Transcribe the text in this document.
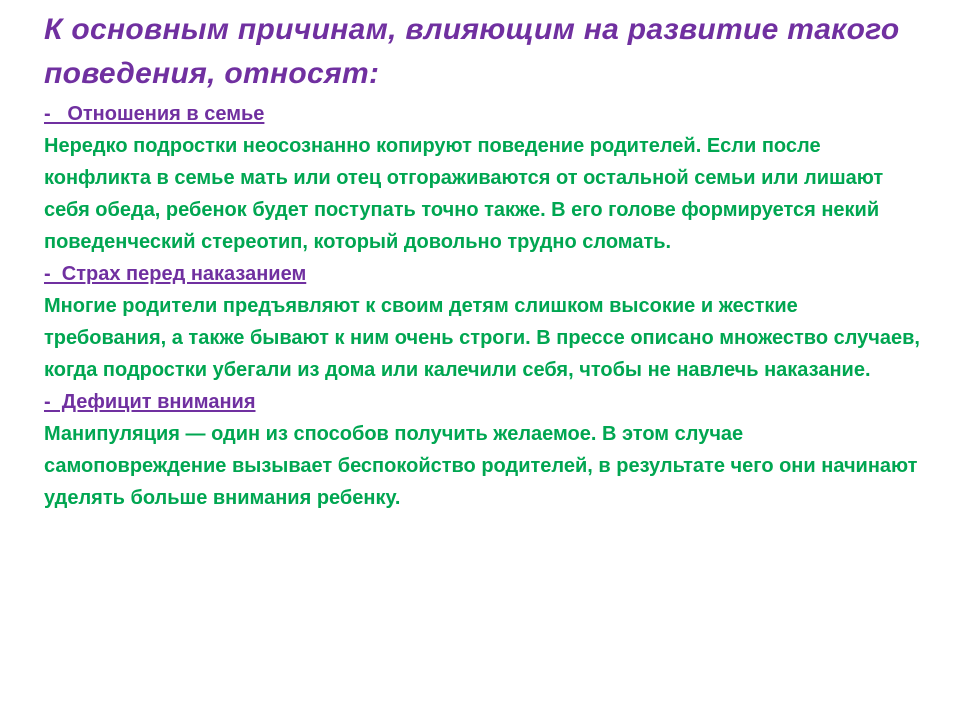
К основным причинам, влияющим на развитие такого поведения, относят:
-   Отношения в семье

Нередко подростки неосознанно копируют поведение родителей. Если после конфликта в семье мать или отец отгораживаются от остальной семьи или лишают себя обеда, ребенок будет поступать точно также. В его голове формируется некий поведенческий стереотип, который довольно трудно сломать.

-  Страх перед наказанием

Многие родители предъявляют к своим детям слишком высокие и жесткие требования, а также бывают к ним очень строги. В прессе описано множество случаев, когда подростки убегали из дома или калечили себя, чтобы не навлечь наказание.

-  Дефицит внимания

Манипуляция — один из способов получить желаемое. В этом случае самоповреждение вызывает беспокойство родителей, в результате чего они начинают уделять больше внимания ребенку.
